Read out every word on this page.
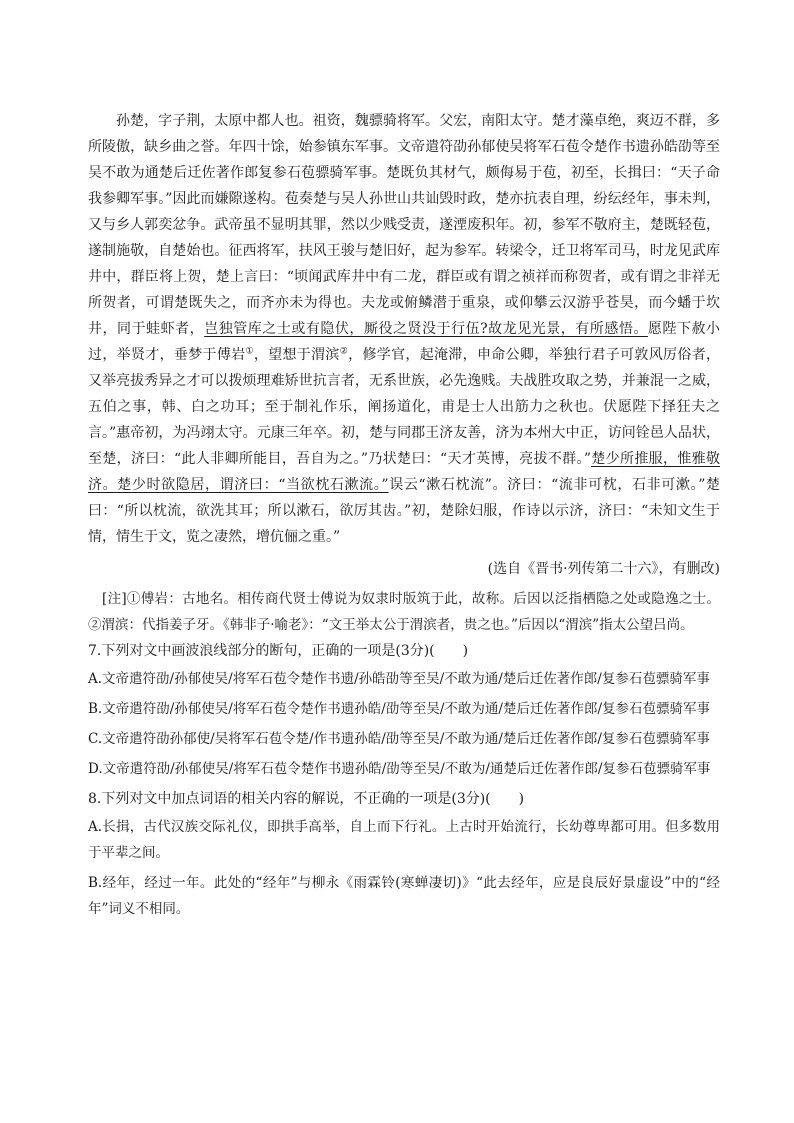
孙楚，字子荆，太原中都人也。祖资，魏骠骑将军。父宏，南阳太守。楚才藻卓绝，爽迈不群，多所陵傲，缺乡曲之誉。年四十馀，始参镇东军事。文帝遣符劭孙郁使吴将军石苞令楚作书遗孙皓劭等至吴不敢为通楚后迁佐著作郎复参石苞骠骑军事。楚既负其材气，颇侮易于苞，初至，长揖曰：“天子命我参卿军事。”因此而嫌隙遂构。苞奏楚与吴人孙世山共讪毁时政，楚亦抗表自理，纷纭经年，事未判，又与乡人郭奕忿争。武帝虽不显明其罪，然以少贱受责，遂湮废积年。初，参军不敬府主，楚既轻苞，遂制施敬，自楚始也。征西将军，扶风王骏与楚旧好，起为参军。转梁令，迁卫将军司马，时龙见武库井中，群臣将上贺，楚上言曰：“顷闻武库井中有二龙，群臣或有谓之祯祥而称贺者，或有谓之非祥无所贺者，可谓楚既失之，而齐亦未为得也。夫龙或俯鳞潜于重泉，或仰攀云汉游乎苍昊，而今蟠于坎井，同于蛙虾者，岂独管库之士或有隐伏，厮役之贤没于行伍?故龙见光景，有所感悟。愿陛下赦小过，举贤才，垂梦于傅岩①，望想于渭滨②，修学官，起淹滞，申命公卿，举独行君子可敦风厉俗者，又举亮拔秀异之才可以拨烦理难矫世抗言者，无系世族，必先逸贱。夫战胜攻取之势，并兼混一之威，五伯之事，韩、白之功耳；至于制礼作乐，阐扬道化，甫是士人出筋力之秋也。伏愿陛下择狂夫之言。”惠帝初，为冯翊太守。元康三年卒。初，楚与同郡王济友善，济为本州大中正，访问铨邑人品状，至楚，济曰：“此人非卿所能目，吾自为之。”乃状楚曰：“天才英博，亮拔不群。”楚少所推服，惟雅敬济。楚少时欲隐居，谓济曰：“当欲枕石漱流。”误云“漱石枕流”。济曰：“流非可枕，石非可漱。”楚曰：“所以枕流，欲洗其耳；所以漱石，欲厉其齿。”初，楚除妇服，作诗以示济，济曰：“未知文生于情，情生于文，览之凄然，增伉俪之重。”

(选自《晋书·列传第二十六》，有删改)

[注]①傅岩：古地名。相传商代贤士傅说为奴隶时版筑于此，故称。后因以泛指栖隐之处或隐逸之士。②渭滨：代指姜子牙。《韩非子·喻老》：“文王举太公于渭滨者，贵之也。”后因以“渭滨”指太公望吕尚。

7.下列对文中画波浪线部分的断句，正确的一项是(3分)(　　)

A.文帝遣符劭/孙郁使吴/将军石苞令楚作书遗/孙皓劭等至吴/不敢为通/楚后迁佐著作郎/复参石苞骠骑军事

B.文帝遣符劭/孙郁使吴/将军石苞令楚作书遗孙皓/劭等至吴/不敢为通/楚后迁佐著作郎/复参石苞骠骑军事

C.文帝遣符劭孙郁使/吴将军石苞令楚/作书遗孙皓/劭等至吴/不敢为通/楚后迁佐著作郎/复参石苞骠骑军事

D.文帝遣符劭/孙郁使吴/将军石苞令楚作书遗孙皓/劭等至吴/不敢为/通楚后迁佐著作郎/复参石苞骠骑军事

8.下列对文中加点词语的相关内容的解说，不正确的一项是(3分)(　　)

A.长揖，古代汉族交际礼仪，即拱手高举，自上而下行礼。上古时开始流行，长幼尊卑都可用。但多数用于平辈之间。

B.经年，经过一年。此处的“经年”与柳永《雨霖铃(寒蝉凄切)》“此去经年，应是良辰好景虚设”中的“经年”词义不相同。
